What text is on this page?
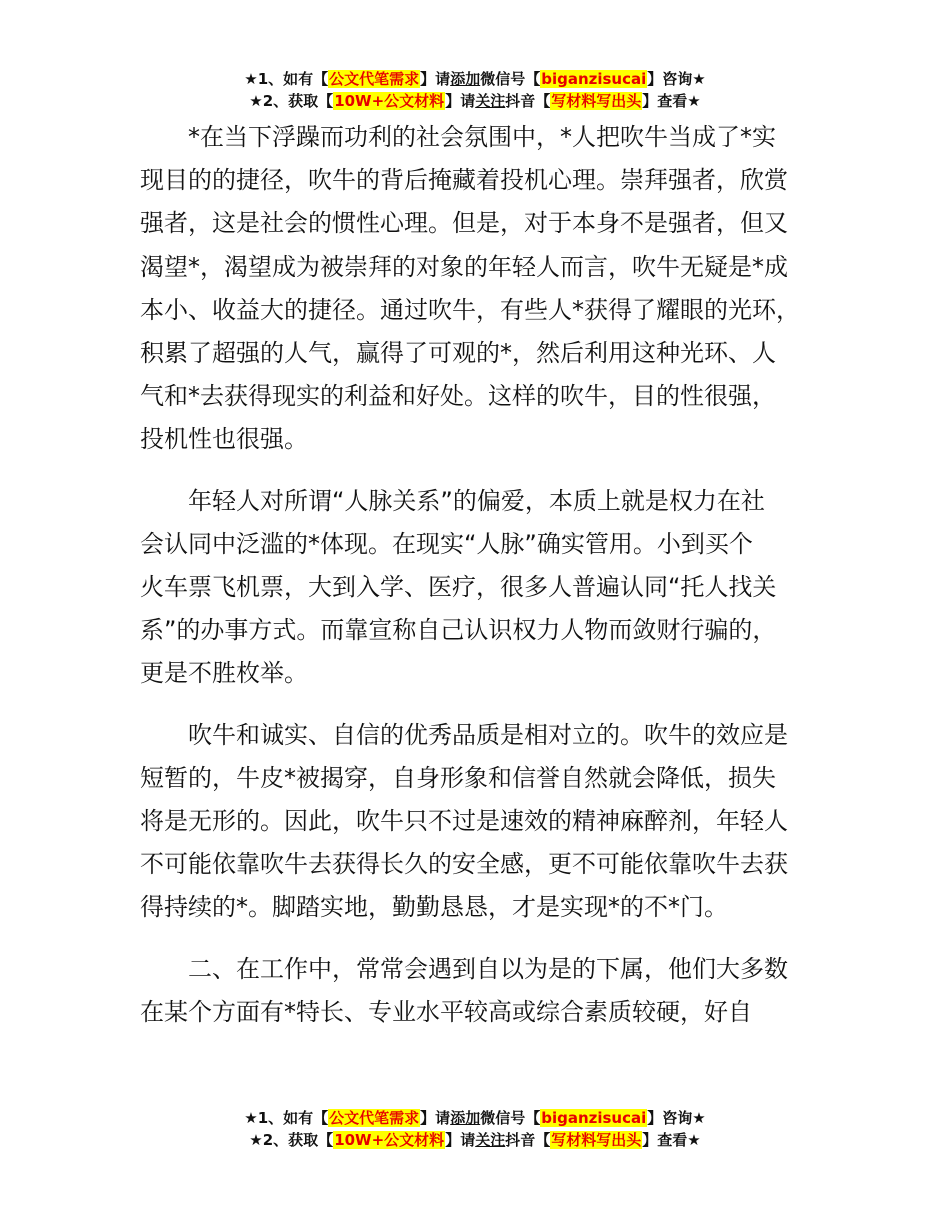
★1、如有【公文代笔需求】请添加微信号【biganzisucai】咨询★
★2、获取【10W+公文材料】请关注抖音【写材料写出头】查看★

　　*在当下浮躁而功利的社会氛围中，*人把吹牛当成了*实
现目的的捷径，吹牛的背后掩藏着投机心理。崇拜强者，欣赏
强者，这是社会的惯性心理。但是，对于本身不是强者，但又
渴望*，渴望成为被崇拜的对象的年轻人而言，吹牛无疑是*成
本小、收益大的捷径。通过吹牛，有些人*获得了耀眼的光环，
积累了超强的人气，赢得了可观的*，然后利用这种光环、人
气和*去获得现实的利益和好处。这样的吹牛，目的性很强，
投机性也很强。

　　年轻人对所谓“人脉关系”的偏爱，本质上就是权力在社
会认同中泛滥的*体现。在现实“人脉”确实管用。小到买个
火车票飞机票，大到入学、医疗，很多人普遍认同“托人找关
系”的办事方式。而靠宣称自己认识权力人物而敛财行骗的，
更是不胜枚举。

　　吹牛和诚实、自信的优秀品质是相对立的。吹牛的效应是
短暂的，牛皮*被揭穿，自身形象和信誉自然就会降低，损失
将是无形的。因此，吹牛只不过是速效的精神麻醉剂，年轻人
不可能依靠吹牛去获得长久的安全感，更不可能依靠吹牛去获
得持续的*。脚踏实地，勤勤恳恳，才是实现*的不*门。

　　二、在工作中，常常会遇到自以为是的下属，他们大多数
在某个方面有*特长、专业水平较高或综合素质较硬，好自

★1、如有【公文代笔需求】请添加微信号【biganzisucai】咨询★
★2、获取【10W+公文材料】请关注抖音【写材料写出头】查看★
